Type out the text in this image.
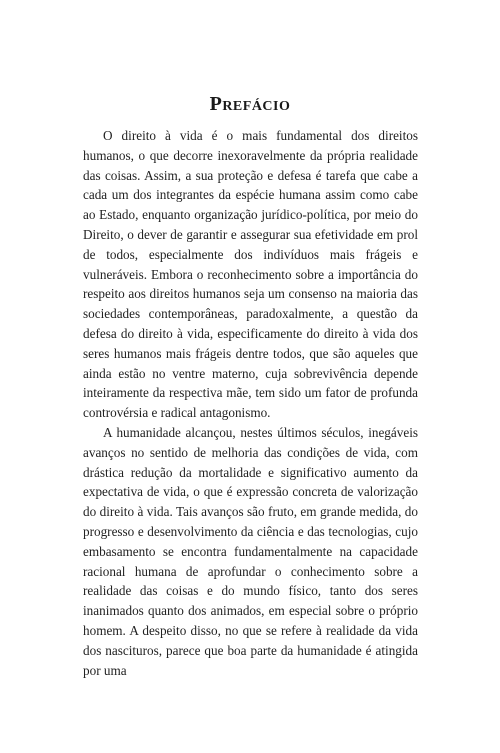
Prefácio

O direito à vida é o mais fundamental dos direitos humanos, o que decorre inexoravelmente da própria realidade das coisas. Assim, a sua proteção e defesa é tarefa que cabe a cada um dos integrantes da espécie humana assim como cabe ao Estado, enquanto organização jurídico-política, por meio do Direito, o dever de garantir e assegurar sua efetividade em prol de todos, especialmente dos indivíduos mais frágeis e vulneráveis. Embora o reconhecimento sobre a importância do respeito aos direitos humanos seja um consenso na maioria das sociedades contemporâneas, paradoxalmente, a questão da defesa do direito à vida, especificamente do direito à vida dos seres humanos mais frágeis dentre todos, que são aqueles que ainda estão no ventre materno, cuja sobrevivência depende inteiramente da respectiva mãe, tem sido um fator de profunda controvérsia e radical antagonismo.

A humanidade alcançou, nestes últimos séculos, inegáveis avanços no sentido de melhoria das condições de vida, com drástica redução da mortalidade e significativo aumento da expectativa de vida, o que é expressão concreta de valorização do direito à vida. Tais avanços são fruto, em grande medida, do progresso e desenvolvimento da ciência e das tecnologias, cujo embasamento se encontra fundamentalmente na capacidade racional humana de aprofundar o conhecimento sobre a realidade das coisas e do mundo físico, tanto dos seres inanimados quanto dos animados, em especial sobre o próprio homem. A despeito disso, no que se refere à realidade da vida dos nascituros, parece que boa parte da humanidade é atingida por uma
